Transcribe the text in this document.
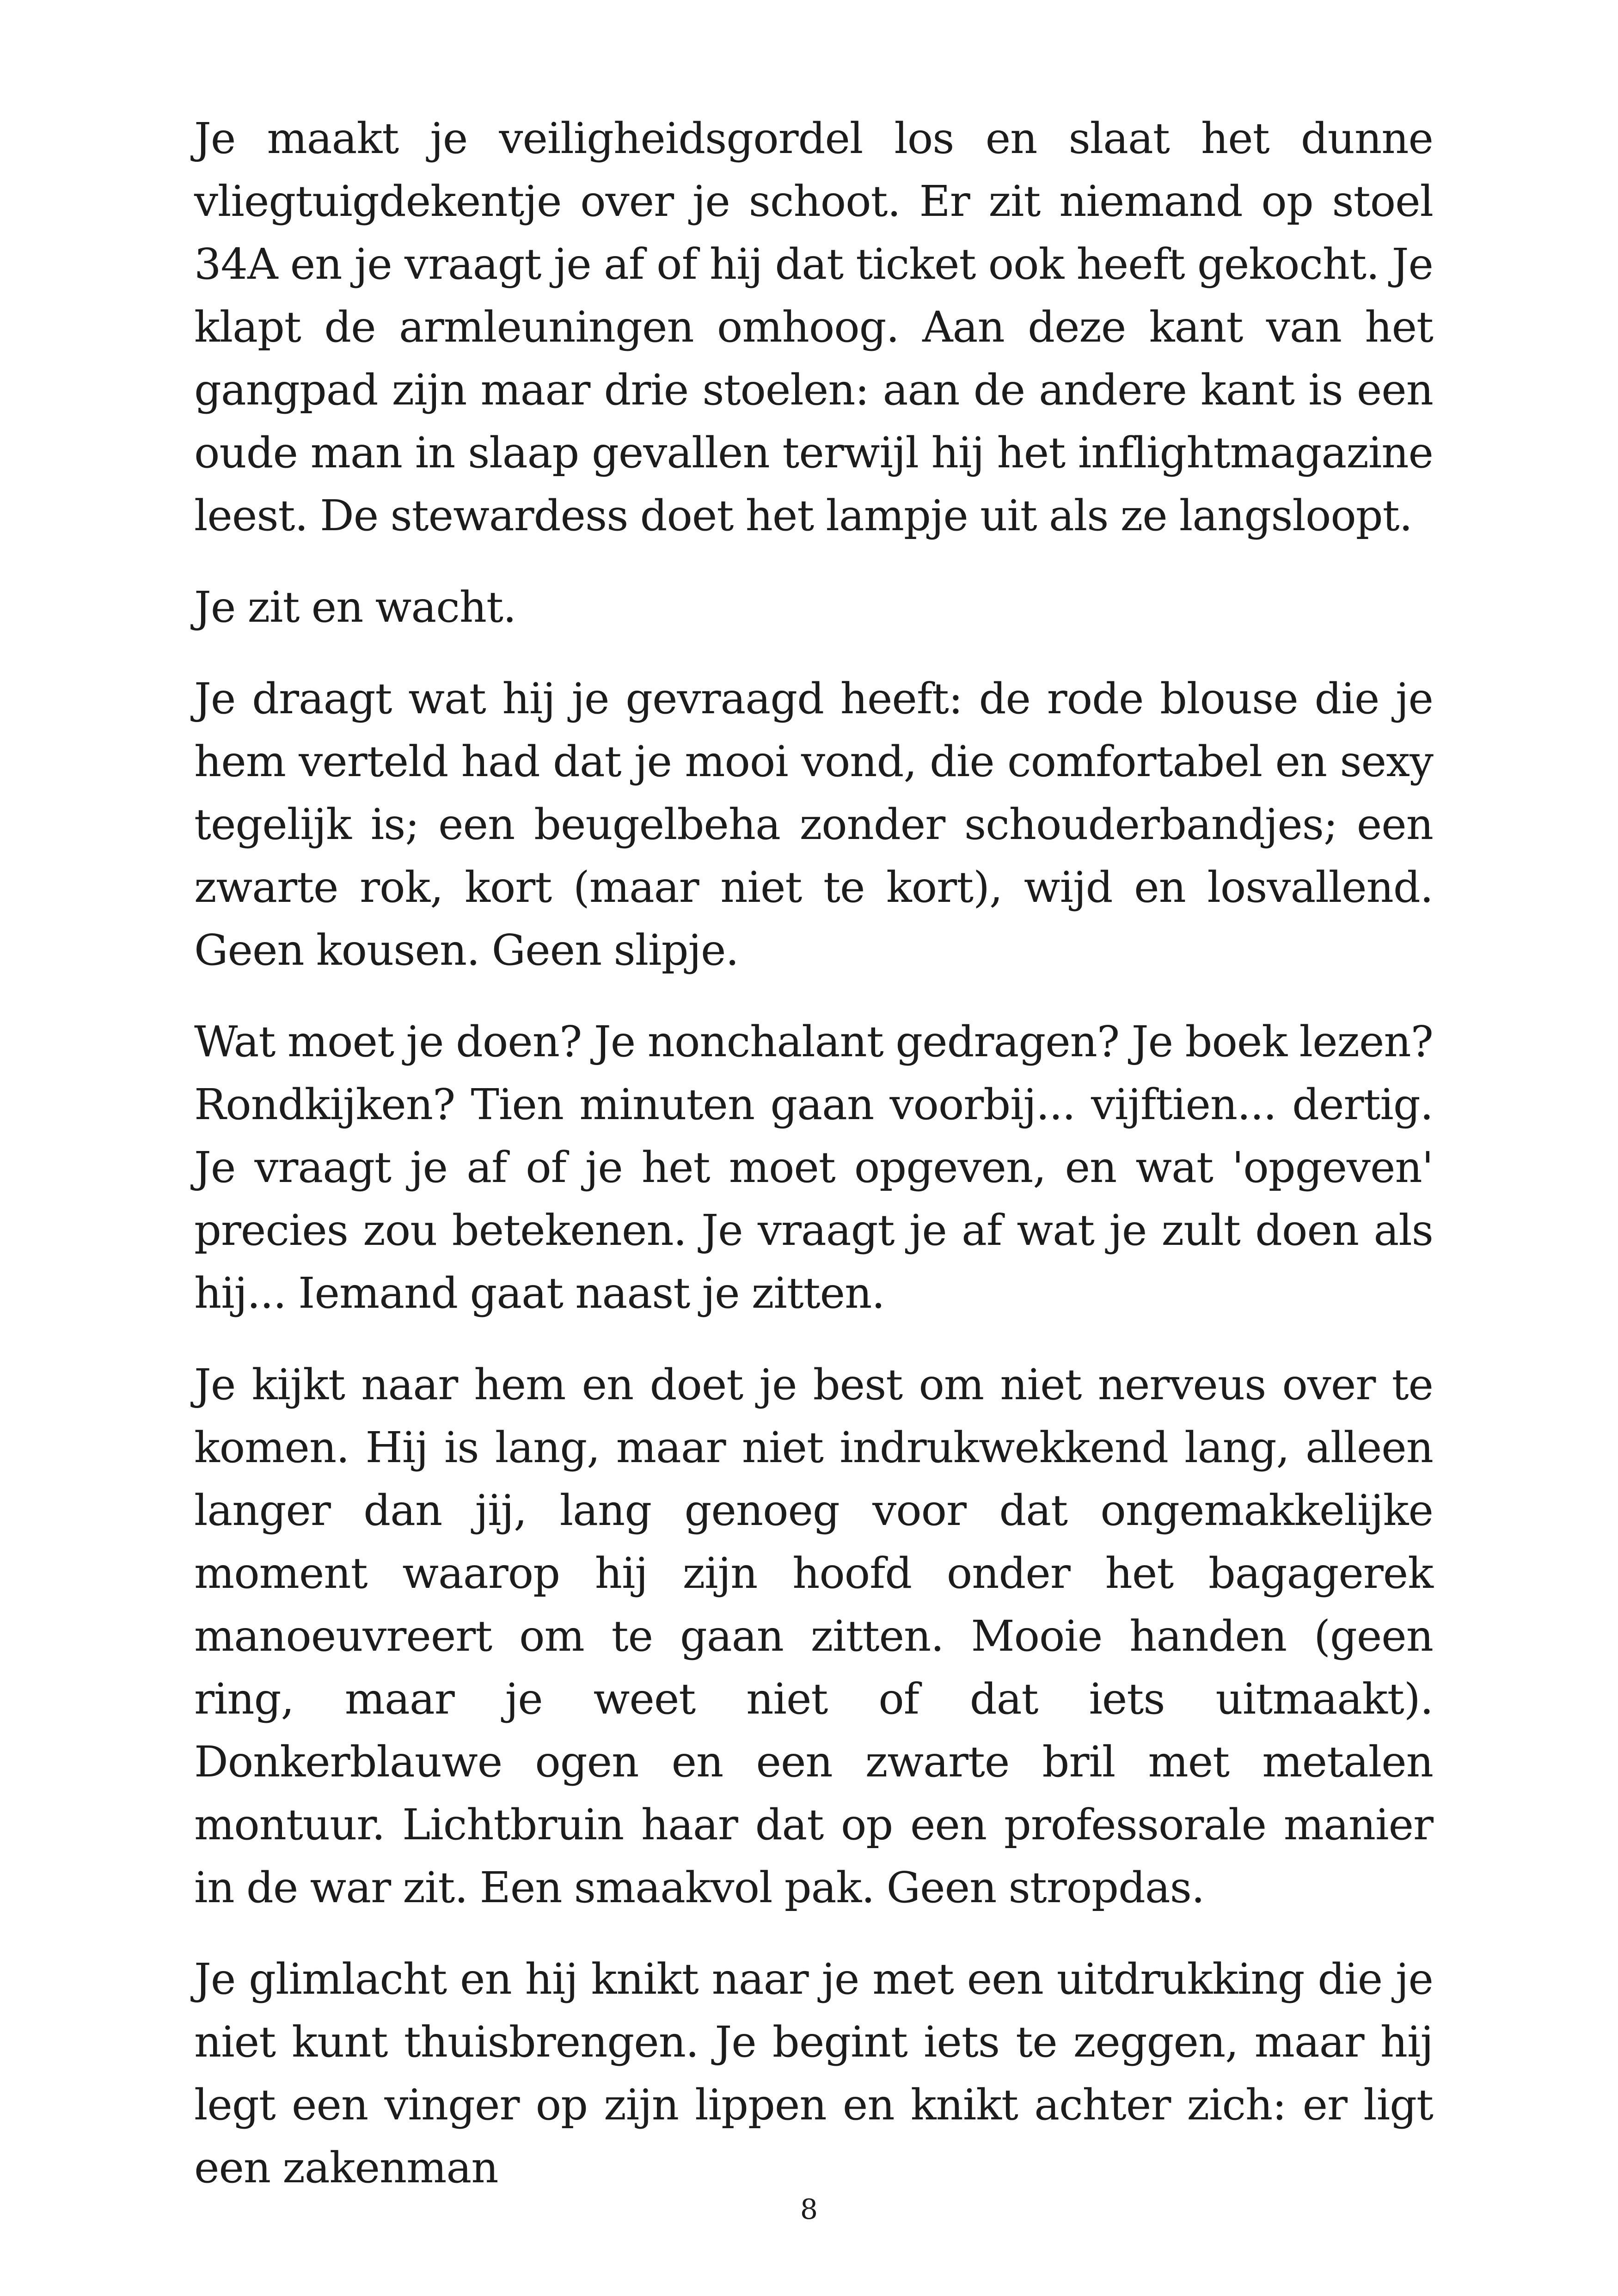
Je maakt je veiligheidsgordel los en slaat het dunne vliegtuigdekentje over je schoot. Er zit niemand op stoel 34A en je vraagt je af of hij dat ticket ook heeft gekocht. Je klapt de armleuningen omhoog. Aan deze kant van het gangpad zijn maar drie stoelen: aan de andere kant is een oude man in slaap gevallen terwijl hij het inflightmagazine leest. De stewardess doet het lampje uit als ze langsloopt.

Je zit en wacht.

Je draagt wat hij je gevraagd heeft: de rode blouse die je hem verteld had dat je mooi vond, die comfortabel en sexy tegelijk is; een beugelbeha zonder schouderbandjes; een zwarte rok, kort (maar niet te kort), wijd en losvallend. Geen kousen. Geen slipje.

Wat moet je doen? Je nonchalant gedragen? Je boek lezen? Rondkijken? Tien minuten gaan voorbij... vijftien... dertig. Je vraagt je af of je het moet opgeven, en wat 'opgeven' precies zou betekenen. Je vraagt je af wat je zult doen als hij... Iemand gaat naast je zitten.

Je kijkt naar hem en doet je best om niet nerveus over te komen. Hij is lang, maar niet indrukwekkend lang, alleen langer dan jij, lang genoeg voor dat ongemakkelijke moment waarop hij zijn hoofd onder het bagagerek manoeuvreert om te gaan zitten. Mooie handen (geen ring, maar je weet niet of dat iets uitmaakt). Donkerblauwe ogen en een zwarte bril met metalen montuur. Lichtbruin haar dat op een professorale manier in de war zit. Een smaakvol pak. Geen stropdas.

Je glimlacht en hij knikt naar je met een uitdrukking die je niet kunt thuisbrengen. Je begint iets te zeggen, maar hij legt een vinger op zijn lippen en knikt achter zich: er ligt een zakenman

8
